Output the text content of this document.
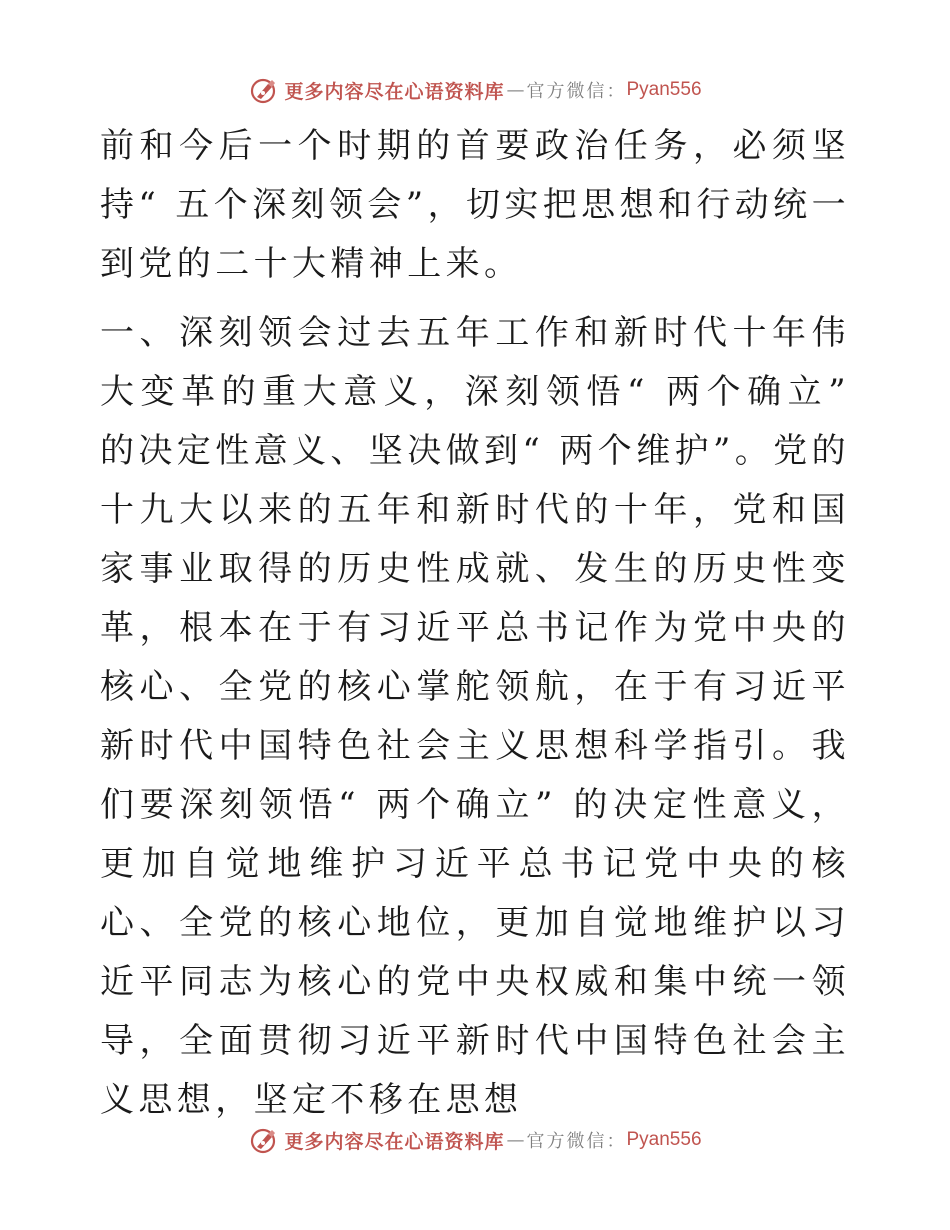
更多内容尽在心语资料库 — 官方微信： Pyan556

前和今后一个时期的首要政治任务，必须坚持“ 五个深刻领会”，切实把思想和行动统一到党的二十大精神上来。

一、深刻领会过去五年工作和新时代十年伟大变革的重大意义，深刻领悟“ 两个确立” 的决定性意义、坚决做到“ 两个维护”。党的十九大以来的五年和新时代的十年，党和国家事业取得的历史性成就、发生的历史性变革，根本在于有习近平总书记作为党中央的核心、全党的核心掌舵领航，在于有习近平新时代中国特色社会主义思想科学指引。我们要深刻领悟“ 两个确立” 的决定性意义，更加自觉地维护习近平总书记党中央的核心、全党的核心地位，更加自觉地维护以习近平同志为核心的党中央权威和集中统一领导，全面贯彻习近平新时代中国特色社会主义思想，坚定不移在思想

更多内容尽在心语资料库 — 官方微信： Pyan556
